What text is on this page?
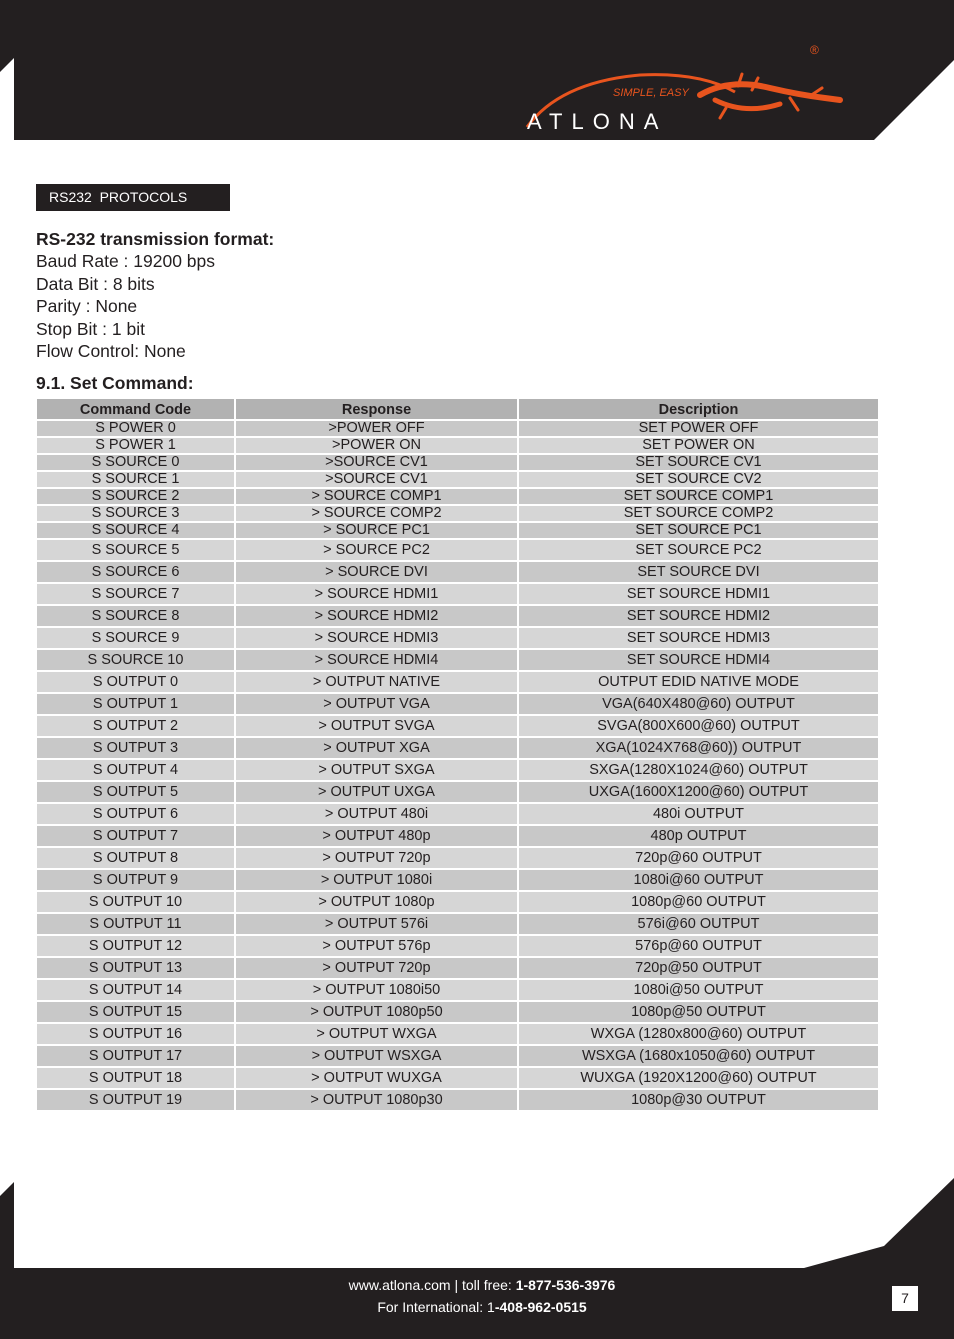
SIMPLE, EASY
ATLONA
®
RS232  PROTOCOLS
RS-232 transmission format:
Baud Rate : 19200 bps
Data Bit : 8 bits
Parity : None
Stop Bit : 1 bit
Flow Control: None
9.1. Set Command:
Command Code	Response	Description
S POWER 0	>POWER OFF	SET POWER OFF
S POWER 1	>POWER ON	SET POWER ON
S SOURCE 0	>SOURCE CV1	SET SOURCE CV1
S SOURCE 1	>SOURCE CV1	SET SOURCE CV2
S SOURCE 2	> SOURCE COMP1	SET SOURCE COMP1
S SOURCE 3	> SOURCE COMP2	SET SOURCE COMP2
S SOURCE 4	> SOURCE PC1	SET SOURCE PC1
S SOURCE 5	> SOURCE PC2	SET SOURCE PC2
S SOURCE 6	> SOURCE DVI	SET SOURCE DVI
S SOURCE 7	> SOURCE HDMI1	SET SOURCE HDMI1
S SOURCE 8	> SOURCE HDMI2	SET SOURCE HDMI2
S SOURCE 9	> SOURCE HDMI3	SET SOURCE HDMI3
S SOURCE 10	> SOURCE HDMI4	SET SOURCE HDMI4
S OUTPUT 0	> OUTPUT NATIVE	OUTPUT EDID NATIVE MODE
S OUTPUT 1	> OUTPUT VGA	VGA(640X480@60) OUTPUT
S OUTPUT 2	> OUTPUT SVGA	SVGA(800X600@60) OUTPUT
S OUTPUT 3	> OUTPUT XGA	XGA(1024X768@60)) OUTPUT
S OUTPUT 4	> OUTPUT SXGA	SXGA(1280X1024@60) OUTPUT
S OUTPUT 5	> OUTPUT UXGA	UXGA(1600X1200@60) OUTPUT
S OUTPUT 6	> OUTPUT 480i	480i OUTPUT
S OUTPUT 7	> OUTPUT 480p	480p OUTPUT
S OUTPUT 8	> OUTPUT 720p	720p@60 OUTPUT
S OUTPUT 9	> OUTPUT 1080i	1080i@60 OUTPUT
S OUTPUT 10	> OUTPUT 1080p	1080p@60 OUTPUT
S OUTPUT 11	> OUTPUT 576i	576i@60 OUTPUT
S OUTPUT 12	> OUTPUT 576p	576p@60 OUTPUT
S OUTPUT 13	> OUTPUT 720p	720p@50 OUTPUT
S OUTPUT 14	> OUTPUT 1080i50	1080i@50 OUTPUT
S OUTPUT 15	> OUTPUT 1080p50	1080p@50 OUTPUT
S OUTPUT 16	> OUTPUT WXGA	WXGA (1280x800@60) OUTPUT
S OUTPUT 17	> OUTPUT WSXGA	WSXGA (1680x1050@60) OUTPUT
S OUTPUT 18	> OUTPUT WUXGA	WUXGA (1920X1200@60) OUTPUT
S OUTPUT 19	> OUTPUT 1080p30	1080p@30 OUTPUT
www.atlona.com | toll free: 1-877-536-3976
For International: 1-408-962-0515
7
